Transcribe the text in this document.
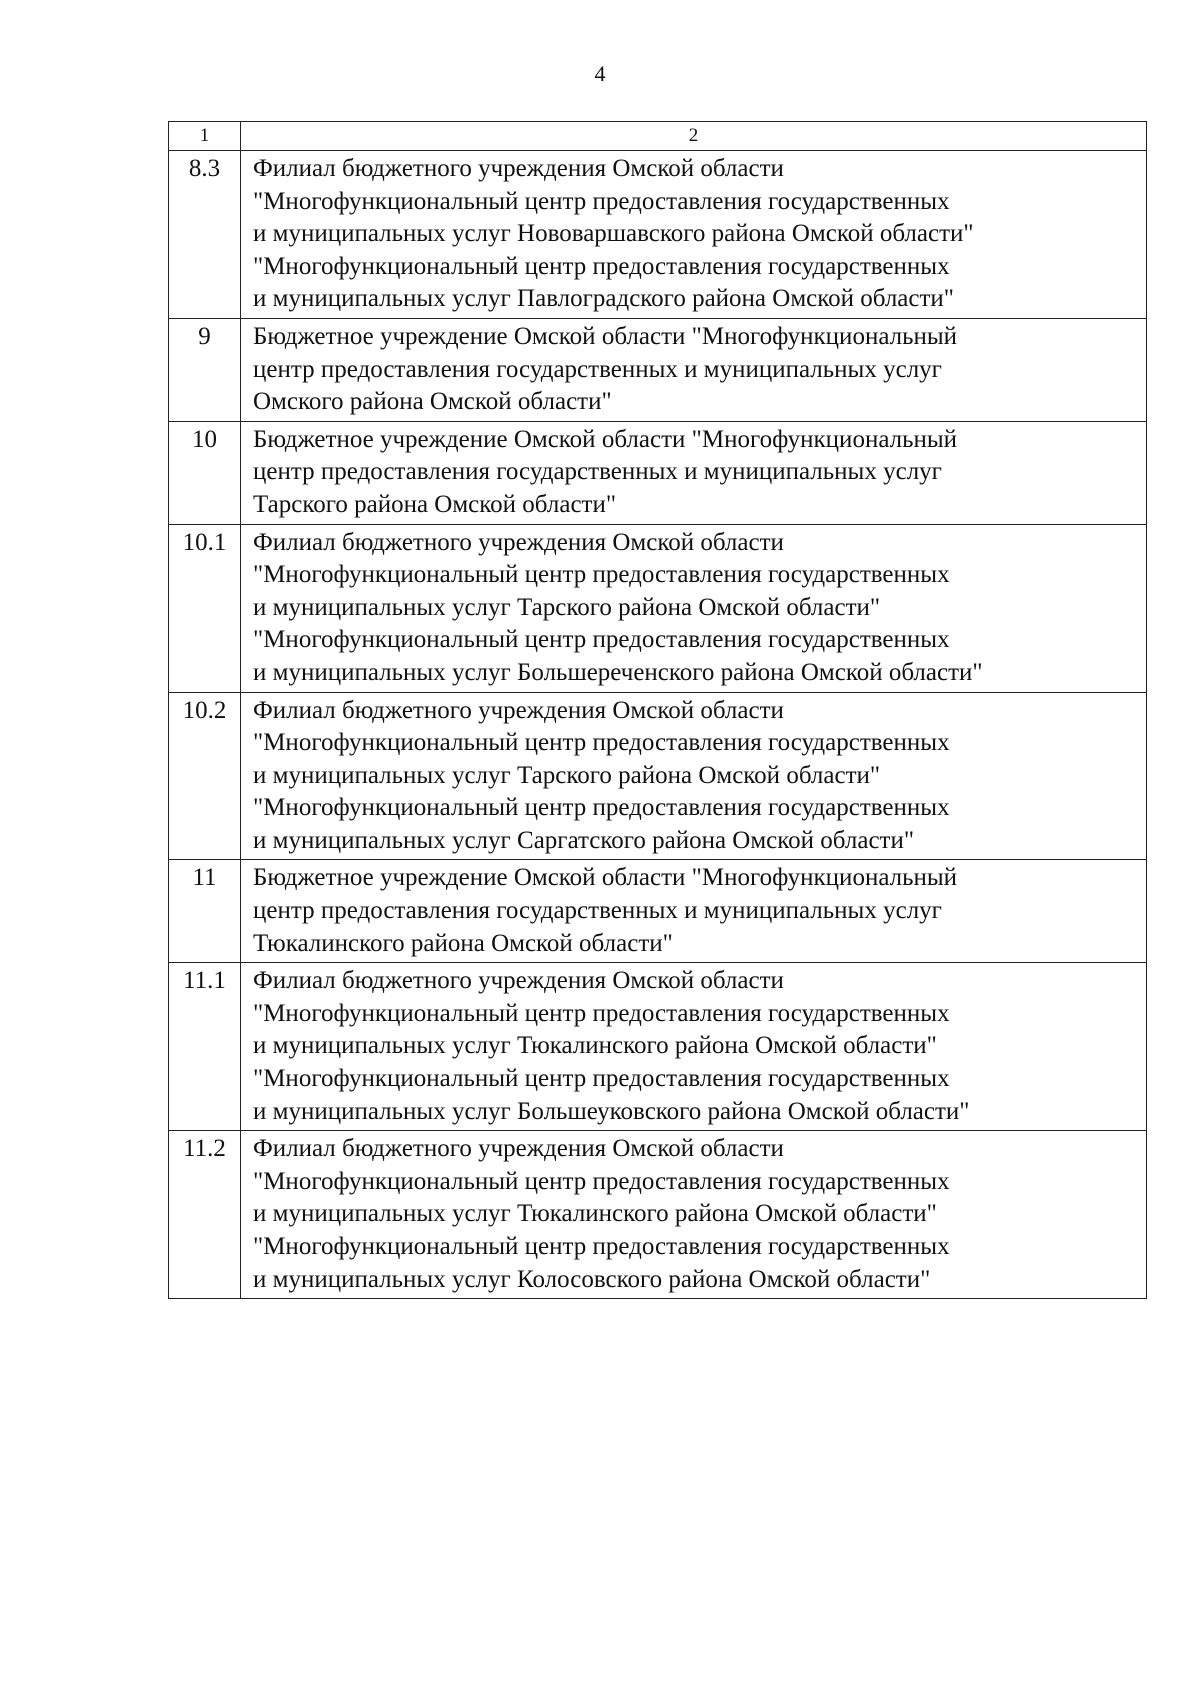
4
1	2
8.3	Филиал бюджетного учреждения Омской области
"Многофункциональный центр предоставления государственных
и муниципальных услуг Нововаршавского района Омской области"
"Многофункциональный центр предоставления государственных
и муниципальных услуг Павлоградского района Омской области"

9	Бюджетное учреждение Омской области "Многофункциональный
центр предоставления государственных и муниципальных услуг
Омского района Омской области"

10	Бюджетное учреждение Омской области "Многофункциональный
центр предоставления государственных и муниципальных услуг
Тарского района Омской области"

10.1	Филиал бюджетного учреждения Омской области
"Многофункциональный центр предоставления государственных
и муниципальных услуг Тарского района Омской области"
"Многофункциональный центр предоставления государственных
и муниципальных услуг Большереченского района Омской области"

10.2	Филиал бюджетного учреждения Омской области
"Многофункциональный центр предоставления государственных
и муниципальных услуг Тарского района Омской области"
"Многофункциональный центр предоставления государственных
и муниципальных услуг Саргатского района Омской области"

11	Бюджетное учреждение Омской области "Многофункциональный
центр предоставления государственных и муниципальных услуг
Тюкалинского района Омской области"

11.1	Филиал бюджетного учреждения Омской области
"Многофункциональный центр предоставления государственных
и муниципальных услуг Тюкалинского района Омской области"
"Многофункциональный центр предоставления государственных
и муниципальных услуг Большеуковского района Омской области"

11.2	Филиал бюджетного учреждения Омской области
"Многофункциональный центр предоставления государственных
и муниципальных услуг Тюкалинского района Омской области"
"Многофункциональный центр предоставления государственных
и муниципальных услуг Колосовского района Омской области"
